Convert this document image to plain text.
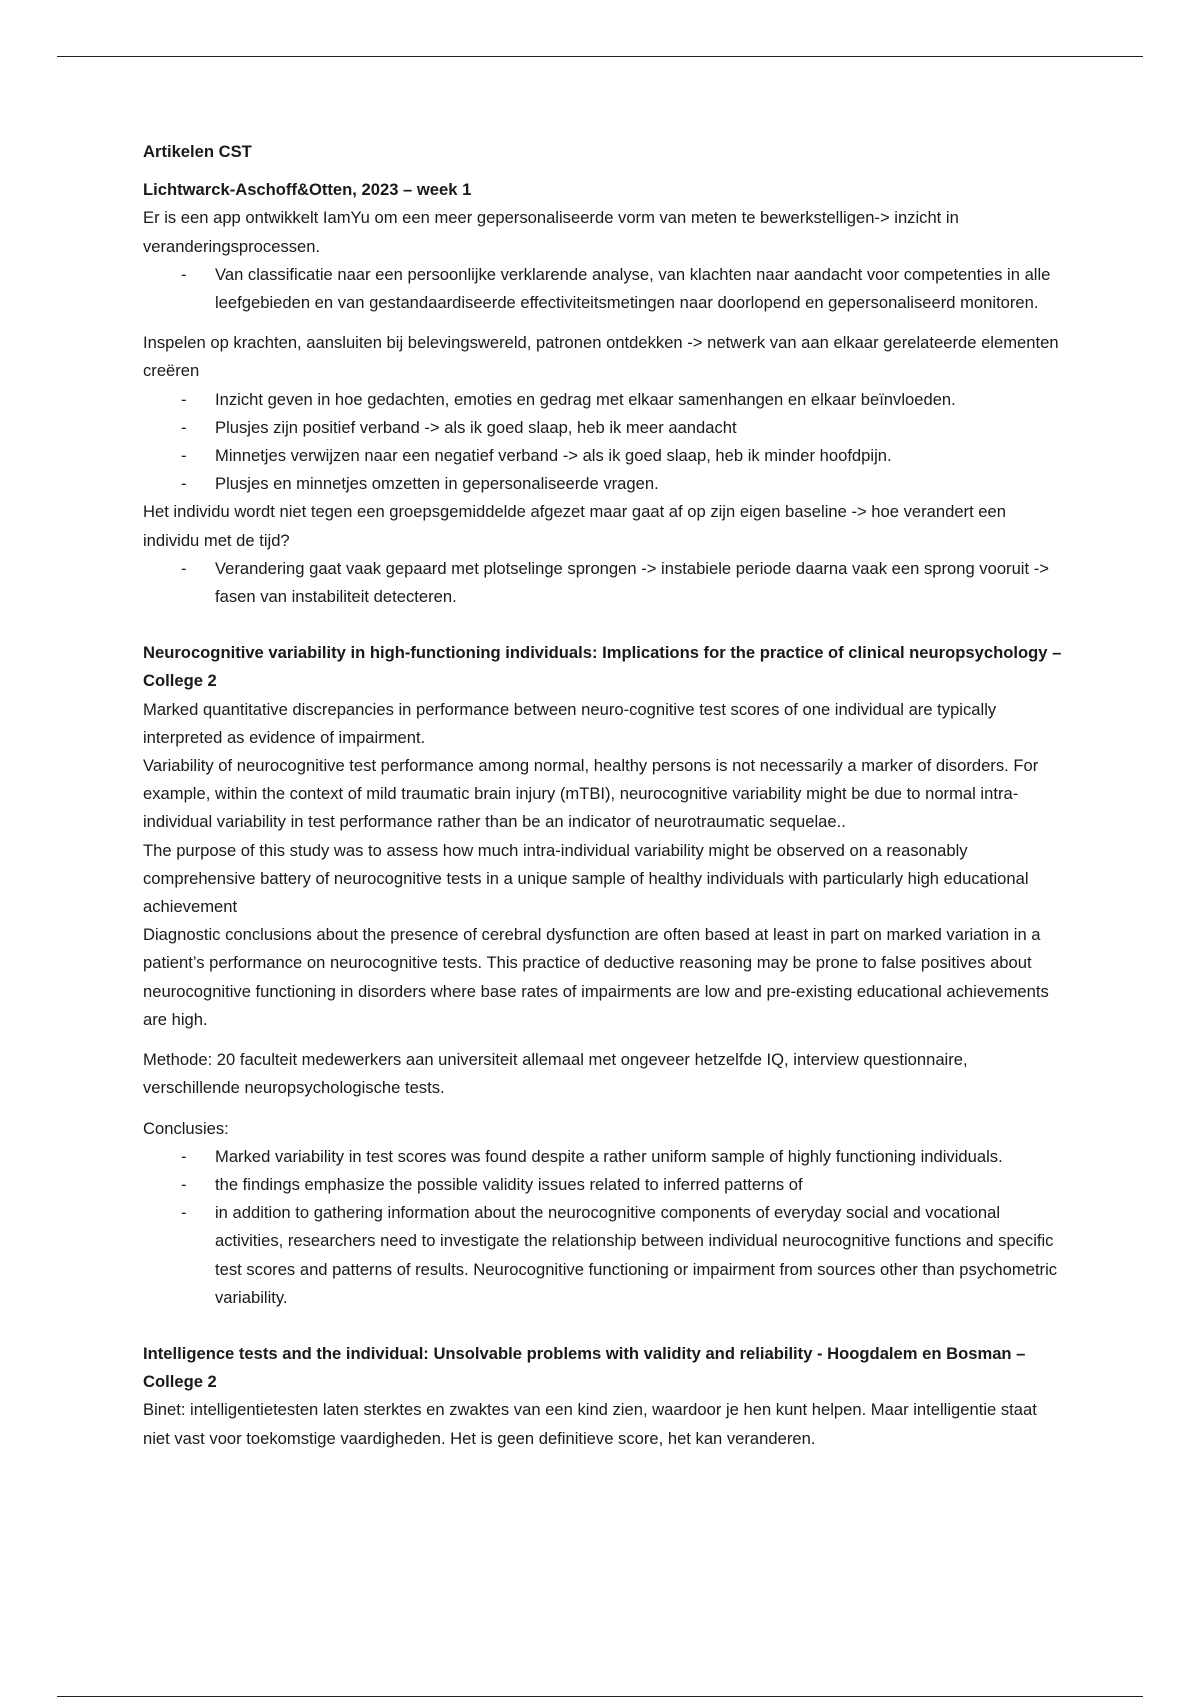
Artikelen CST

Lichtwarck-Aschoff&Otten, 2023 – week 1

Er is een app ontwikkelt IamYu om een meer gepersonaliseerde vorm van meten te bewerkstelligen-> inzicht in veranderingsprocessen.

- Van classificatie naar een persoonlijke verklarende analyse, van klachten naar aandacht voor competenties in alle leefgebieden en van gestandaardiseerde effectiviteitsmetingen naar doorlopend en gepersonaliseerd monitoren.

Inspelen op krachten, aansluiten bij belevingswereld, patronen ontdekken -> netwerk van aan elkaar gerelateerde elementen creëren

- Inzicht geven in hoe gedachten, emoties en gedrag met elkaar samenhangen en elkaar beïnvloeden.
- Plusjes zijn positief verband -> als ik goed slaap, heb ik meer aandacht
- Minnetjes verwijzen naar een negatief verband -> als ik goed slaap, heb ik minder hoofdpijn.
- Plusjes en minnetjes omzetten in gepersonaliseerde vragen.

Het individu wordt niet tegen een groepsgemiddelde afgezet maar gaat af op zijn eigen baseline -> hoe verandert een individu met de tijd?

- Verandering gaat vaak gepaard met plotselinge sprongen -> instabiele periode daarna vaak een sprong vooruit -> fasen van instabiliteit detecteren.

Neurocognitive variability in high-functioning individuals: Implications for the practice of clinical neuropsychology – College 2

Marked quantitative discrepancies in performance between neuro-cognitive test scores of one individual are typically interpreted as evidence of impairment.

Variability of neurocognitive test performance among normal, healthy persons is not necessarily a marker of disorders. For example, within the context of mild traumatic brain injury (mTBI), neurocognitive variability might be due to normal intra-individual variability in test performance rather than be an indicator of neurotraumatic sequelae..

The purpose of this study was to assess how much intra-individual variability might be observed on a reasonably comprehensive battery of neurocognitive tests in a unique sample of healthy individuals with particularly high educational achievement

Diagnostic conclusions about the presence of cerebral dysfunction are often based at least in part on marked variation in a patient’s performance on neurocognitive tests. This practice of deductive reasoning may be prone to false positives about neurocognitive functioning in disorders where base rates of impairments are low and pre-existing educational achievements are high.

Methode: 20 faculteit medewerkers aan universiteit allemaal met ongeveer hetzelfde IQ, interview questionnaire, verschillende neuropsychologische tests.

Conclusies:

- Marked variability in test scores was found despite a rather uniform sample of highly functioning individuals.
- the findings emphasize the possible validity issues related to inferred patterns of
- in addition to gathering information about the neurocognitive components of everyday social and vocational activities, researchers need to investigate the relationship between individual neurocognitive functions and specific test scores and patterns of results. Neurocognitive functioning or impairment from sources other than psychometric variability.

Intelligence tests and the individual: Unsolvable problems with validity and reliability - Hoogdalem en Bosman – College 2

Binet: intelligentietesten laten sterktes en zwaktes van een kind zien, waardoor je hen kunt helpen. Maar intelligentie staat niet vast voor toekomstige vaardigheden. Het is geen definitieve score, het kan veranderen.
